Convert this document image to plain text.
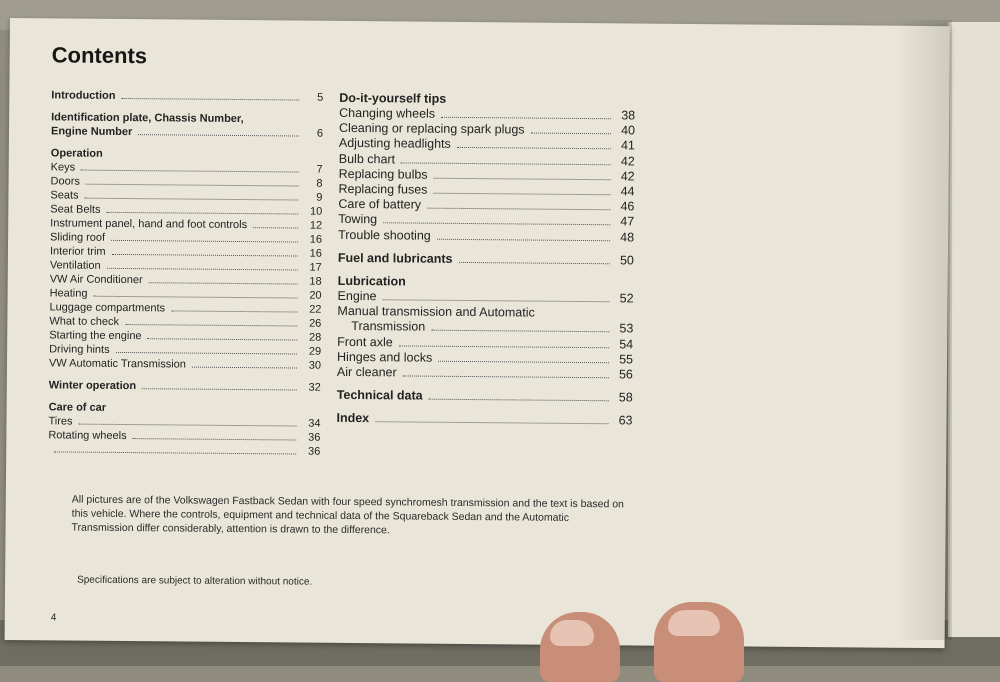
Contents
Introduction	5
Identification plate, Chassis Number,
Engine Number	6
Operation
Keys	7
Doors	8
Seats	9
Seat Belts	10
Instrument panel, hand and foot controls	12
Sliding roof	16
Interior trim	16
Ventilation	17
VW Air Conditioner	18
Heating	20
Luggage compartments	22
What to check	26
Starting the engine	28
Driving hints	29
VW Automatic Transmission	30
Winter operation	32
Care of car
Tires	34
Rotating wheels	36
36
Do-it-yourself tips
Changing wheels	38
Cleaning or replacing spark plugs	40
Adjusting headlights	41
Bulb chart	42
Replacing bulbs	42
Replacing fuses	44
Care of battery	46
Towing	47
Trouble shooting	48
Fuel and lubricants	50
Lubrication
Engine	52
Manual transmission and Automatic
Transmission	53
Front axle	54
Hinges and locks	55
Air cleaner	56
Technical data	58
Index	63
All pictures are of the Volkswagen Fastback Sedan with four speed synchromesh transmission and the text is based on this vehicle. Where the controls, equipment and technical data of the Squareback Sedan and the Automatic Transmission differ considerably, attention is drawn to the difference.
Specifications are subject to alteration without notice.
4
